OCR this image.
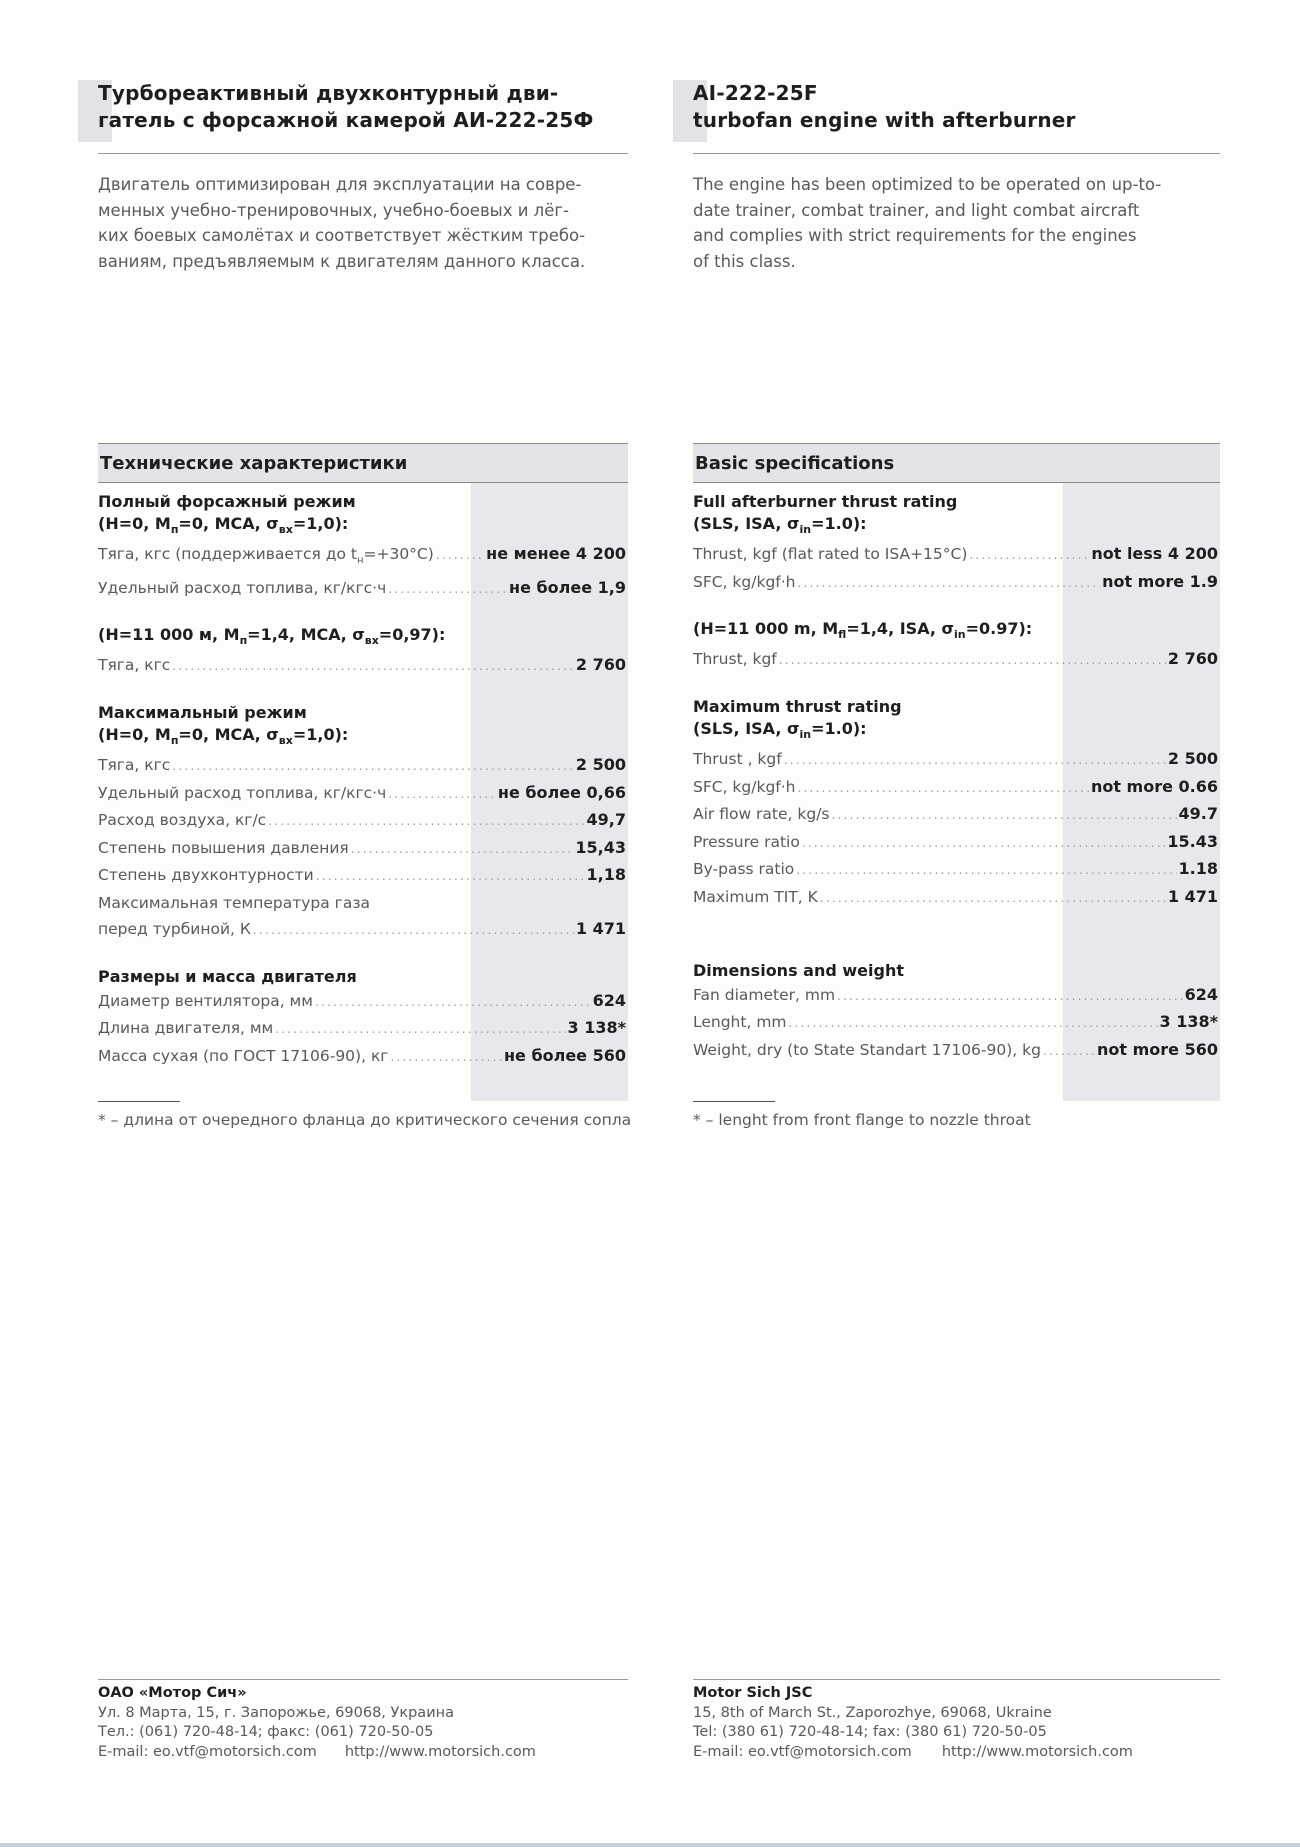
Турбореактивный двухконтурный дви-
гатель с форсажной камерой АИ-222-25Ф

Двигатель оптимизирован для эксплуатации на совре-
менных учебно-тренировочных, учебно-боевых и лёг-
ких боевых самолётах и соответствует жёстким требо-
ваниям, предъявляемым к двигателям данного класса.

Технические характеристики

Полный форсажный режим
(Н=0, $М_п=0$, МСА, $\sigma_{вх}=1,0$):

Тяга, кгс (поддерживается до $t_н=+30^\circ С$) .....	не менее 4 200
Удельный расход топлива, кг/кгс·ч .....	не более 1,9

(Н=11 000 м, $М_п=1,4$, МСА, $\sigma_{вх}=0,97$):

Тяга, кгс .....	2 760

Максимальный режим
(Н=0, $М_п=0$, МСА, $\sigma_{вх}=1,0$):

Тяга, кгс .....	2 500
Удельный расход топлива, кг/кгс·ч .....	не более 0,66
Расход воздуха, кг/с .....	49,7
Степень повышения давления .....	15,43
Степень двухконтурности .....	1,18
Максимальная температура газа
перед турбиной, К .....	1 471

Размеры и масса двигателя

Диаметр вентилятора, мм .....	624
Длина двигателя, мм .....	3 138*
Масса сухая (по ГОСТ 17106-90), кг .....	не более 560

* – длина от очередного фланца до критического сечения сопла

ОАО «Мотор Сич»
Ул. 8 Марта, 15, г. Запорожье, 69068, Украина
Тел.: (061) 720-48-14; факс: (061) 720-50-05
E-mail: eo.vtf@motorsich.com http://www.motorsich.com
AI-222-25F
turbofan engine with afterburner

The engine has been optimized to be operated on up-to-
date trainer, combat trainer, and light combat aircraft
and complies with strict requirements for the engines
of this class.

Basic specifications

Full afterburner thrust rating
(SLS, ISA, $\sigma_{in}=1.0$):

Thrust, kgf (flat rated to ISA+15°C) .....	not less 4 200
SFC, kg/kgf·h .....	not more 1.9

(H=11 000 m, $M_{fl}=1,4$, ISA, $\sigma_{in}=0.97$):

Thrust, kgf .....	2 760

Maximum thrust rating
(SLS, ISA, $\sigma_{in}=1.0$):

Thrust , kgf .....	2 500
SFC, kg/kgf·h .....	not more 0.66
Air flow rate, kg/s .....	49.7
Pressure ratio .....	15.43
By-pass ratio .....	1.18
Maximum TIT, K .....	1 471

Dimensions and weight

Fan diameter, mm .....	624
Lenght, mm .....	3 138*
Weight, dry (to State Standart 17106-90), kg .....	not more 560

* – lenght from front flange to nozzle throat

Motor Sich JSC
15, 8th of March St., Zaporozhye, 69068, Ukraine
Tel: (380 61) 720-48-14; fax: (380 61) 720-50-05
E-mail: eo.vtf@motorsich.com http://www.motorsich.com
